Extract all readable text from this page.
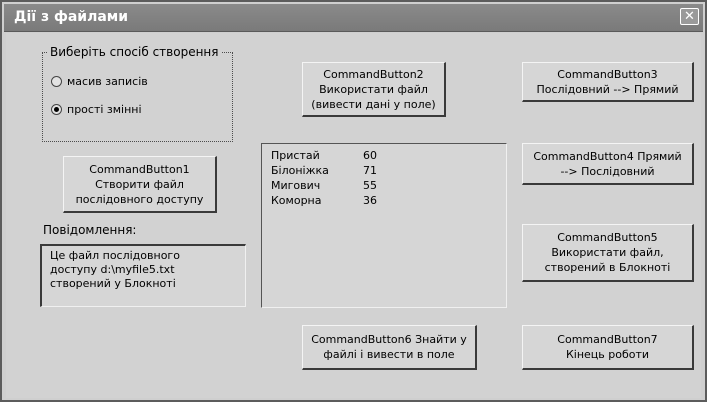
Дії з файлами	✕
Виберіть спосіб створення
масив записів
прості змінні
CommandButton2
Використати файл
(вивести дані у поле)
CommandButton3
Послідовний --> Прямий
CommandButton1
Створити файл
послідовного доступу
CommandButton4 Прямий
--> Послідовний
CommandButton5
Використати файл,
створений в Блокноті
CommandButton6 Знайти у
файлі і вивести в поле
CommandButton7
Кінець роботи
Пристай	60
Білоніжка	71
Мигович	55
Коморна	36
Повідомлення:
Це файл послідовного
доступу d:\myfile5.txt
створений у Блокноті
